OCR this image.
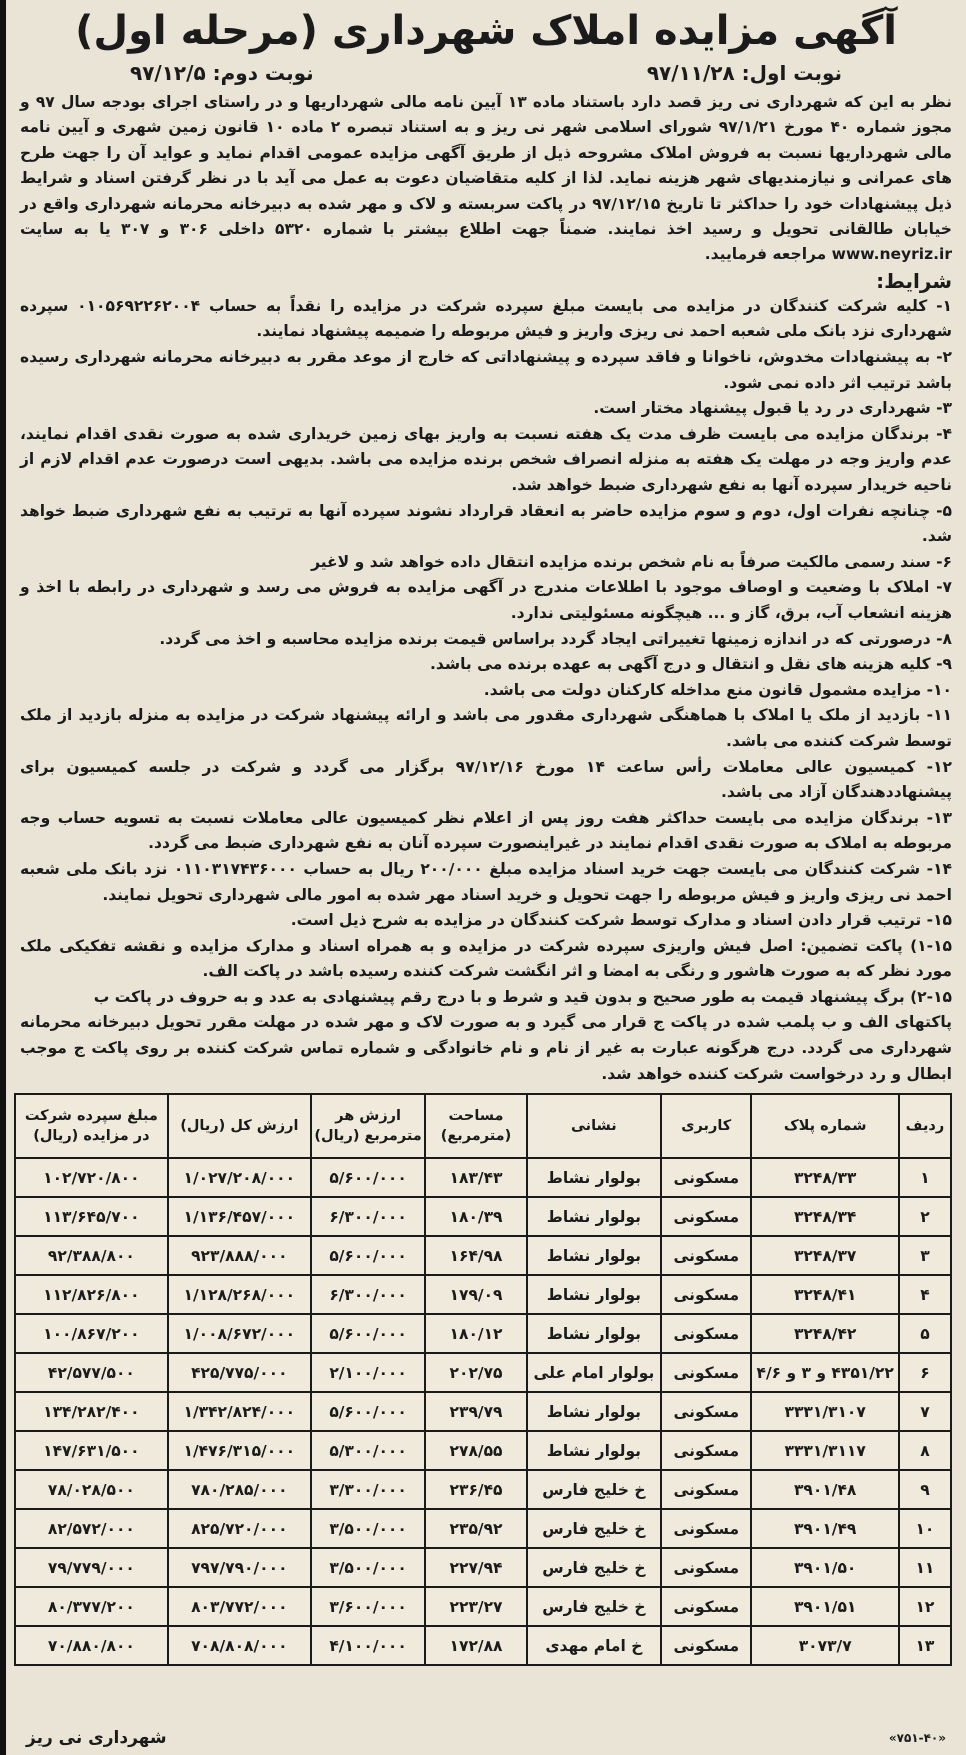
آگهی مزایده املاک شهرداری (مرحله اول)
نوبت اول: ۹۷/۱۱/۲۸
نوبت دوم: ۹۷/۱۲/۵

نظر به این که شهرداری نی ریز قصد دارد باستناد ماده ۱۳ آیین نامه مالی شهرداریها و در راستای اجرای بودجه سال ۹۷ و مجوز شماره ۴۰ مورخ ۹۷/۱/۲۱ شورای اسلامی شهر نی ریز و به استناد تبصره ۲ ماده ۱۰ قانون زمین شهری و آیین نامه مالی شهرداریها نسبت به فروش املاک مشروحه ذیل از طریق آگهی مزایده عمومی اقدام نماید و عواید آن را جهت طرح های عمرانی و نیازمندیهای شهر هزینه نماید. لذا از کلیه متقاضیان دعوت به عمل می آید با در نظر گرفتن اسناد و شرایط ذیل پیشنهادات خود را حداکثر تا تاریخ ۹۷/۱۲/۱۵ در پاکت سربسته و لاک و مهر شده به دبیرخانه محرمانه شهرداری واقع در خیابان طالقانی تحویل و رسید اخذ نمایند. ضمناً جهت اطلاع بیشتر با شماره ۵۳۲۰ داخلی ۳۰۶ و ۳۰۷ یا به سایت www.neyriz.ir مراجعه فرمایید.

شرایط:
۱- کلیه شرکت کنندگان در مزایده می بایست مبلغ سپرده شرکت در مزایده را نقداً به حساب ۰۱۰۵۶۹۲۲۶۲۰۰۴ سپرده شهرداری نزد بانک ملی شعبه احمد نی ریزی واریز و فیش مربوطه را ضمیمه پیشنهاد نمایند.
۲- به پیشنهادات مخدوش، ناخوانا و فاقد سپرده و پیشنهاداتی که خارج از موعد مقرر به دبیرخانه محرمانه شهرداری رسیده باشد ترتیب اثر داده نمی شود.
۳- شهرداری در رد یا قبول پیشنهاد مختار است.
۴- برندگان مزایده می بایست ظرف مدت یک هفته نسبت به واریز بهای زمین خریداری شده به صورت نقدی اقدام نمایند، عدم واریز وجه در مهلت یک هفته به منزله انصراف شخص برنده مزایده می باشد. بدیهی است درصورت عدم اقدام لازم از ناحیه خریدار سپرده آنها به نفع شهرداری ضبط خواهد شد.
۵- چنانچه نفرات اول، دوم و سوم مزایده حاضر به انعقاد قرارداد نشوند سپرده آنها به ترتیب به نفع شهرداری ضبط خواهد شد.
۶- سند رسمی مالکیت صرفاً به نام شخص برنده مزایده انتقال داده خواهد شد و لاغیر
۷- املاک با وضعیت و اوصاف موجود با اطلاعات مندرج در آگهی مزایده به فروش می رسد و شهرداری در رابطه با اخذ و هزینه انشعاب آب، برق، گاز و ... هیچگونه مسئولیتی ندارد.
۸- درصورتی که در اندازه زمینها تغییراتی ایجاد گردد براساس قیمت برنده مزایده محاسبه و اخذ می گردد.
۹- کلیه هزینه های نقل و انتقال و درج آگهی به عهده برنده می باشد.
۱۰- مزایده مشمول قانون منع مداخله کارکنان دولت می باشد.
۱۱- بازدید از ملک یا املاک با هماهنگی شهرداری مقدور می باشد و ارائه پیشنهاد شرکت در مزایده به منزله بازدید از ملک توسط شرکت کننده می باشد.
۱۲- کمیسیون عالی معاملات رأس ساعت ۱۴ مورخ ۹۷/۱۲/۱۶ برگزار می گردد و شرکت در جلسه کمیسیون برای پیشنهاددهندگان آزاد می باشد.
۱۳- برندگان مزایده می بایست حداکثر هفت روز پس از اعلام نظر کمیسیون عالی معاملات نسبت به تسویه حساب وجه مربوطه به املاک به صورت نقدی اقدام نمایند در غیراینصورت سپرده آنان به نفع شهرداری ضبط می گردد.
۱۴- شرکت کنندگان می بایست جهت خرید اسناد مزایده مبلغ ۲۰۰/۰۰۰ ریال به حساب ۰۱۱۰۳۱۷۴۳۶۰۰۰ نزد بانک ملی شعبه احمد نی ریزی واریز و فیش مربوطه را جهت تحویل و خرید اسناد مهر شده به امور مالی شهرداری تحویل نمایند.
۱۵- ترتیب قرار دادن اسناد و مدارک توسط شرکت کنندگان در مزایده به شرح ذیل است.
۱-۱۵) پاکت تضمین: اصل فیش واریزی سپرده شرکت در مزایده و به همراه اسناد و مدارک مزایده و نقشه تفکیکی ملک مورد نظر که به صورت هاشور و رنگی به امضا و اثر انگشت شرکت کننده رسیده باشد در پاکت الف.
۲-۱۵) برگ پیشنهاد قیمت به طور صحیح و بدون قید و شرط و با درج رقم پیشنهادی به عدد و به حروف در پاکت ب
پاکتهای الف و ب پلمب شده در پاکت ج قرار می گیرد و به صورت لاک و مهر شده در مهلت مقرر تحویل دبیرخانه محرمانه شهرداری می گردد. درج هرگونه عبارت به غیر از نام و نام خانوادگی و شماره تماس شرکت کننده بر روی پاکت ج موجب ابطال و رد درخواست شرکت کننده خواهد شد.
ردیف	شماره پلاک	کاربری	نشانی	مساحت (مترمربع)	ارزش هر مترمربع (ریال)	ارزش کل (ریال)	مبلغ سپرده شرکت در مزایده (ریال)
۱	۳۲۴۸/۳۳	مسکونی	بولوار نشاط	۱۸۳/۴۳	۵/۶۰۰/۰۰۰	۱/۰۲۷/۲۰۸/۰۰۰	۱۰۲/۷۲۰/۸۰۰
۲	۳۲۴۸/۳۴	مسکونی	بولوار نشاط	۱۸۰/۳۹	۶/۳۰۰/۰۰۰	۱/۱۳۶/۴۵۷/۰۰۰	۱۱۳/۶۴۵/۷۰۰
۳	۳۲۴۸/۳۷	مسکونی	بولوار نشاط	۱۶۴/۹۸	۵/۶۰۰/۰۰۰	۹۲۳/۸۸۸/۰۰۰	۹۲/۳۸۸/۸۰۰
۴	۳۲۴۸/۴۱	مسکونی	بولوار نشاط	۱۷۹/۰۹	۶/۳۰۰/۰۰۰	۱/۱۲۸/۲۶۸/۰۰۰	۱۱۲/۸۲۶/۸۰۰
۵	۳۲۴۸/۴۲	مسکونی	بولوار نشاط	۱۸۰/۱۲	۵/۶۰۰/۰۰۰	۱/۰۰۸/۶۷۲/۰۰۰	۱۰۰/۸۶۷/۲۰۰
۶	۴۳۵۱/۲۲ و ۳ و ۴/۶	مسکونی	بولوار امام علی	۲۰۲/۷۵	۲/۱۰۰/۰۰۰	۴۲۵/۷۷۵/۰۰۰	۴۲/۵۷۷/۵۰۰
۷	۳۳۳۱/۳۱۰۷	مسکونی	بولوار نشاط	۲۳۹/۷۹	۵/۶۰۰/۰۰۰	۱/۳۴۲/۸۲۴/۰۰۰	۱۳۴/۲۸۲/۴۰۰
۸	۳۳۳۱/۳۱۱۷	مسکونی	بولوار نشاط	۲۷۸/۵۵	۵/۳۰۰/۰۰۰	۱/۴۷۶/۳۱۵/۰۰۰	۱۴۷/۶۳۱/۵۰۰
۹	۳۹۰۱/۴۸	مسکونی	خ خلیج فارس	۲۳۶/۴۵	۳/۳۰۰/۰۰۰	۷۸۰/۲۸۵/۰۰۰	۷۸/۰۲۸/۵۰۰
۱۰	۳۹۰۱/۴۹	مسکونی	خ خلیج فارس	۲۳۵/۹۲	۳/۵۰۰/۰۰۰	۸۲۵/۷۲۰/۰۰۰	۸۲/۵۷۲/۰۰۰
۱۱	۳۹۰۱/۵۰	مسکونی	خ خلیج فارس	۲۲۷/۹۴	۳/۵۰۰/۰۰۰	۷۹۷/۷۹۰/۰۰۰	۷۹/۷۷۹/۰۰۰
۱۲	۳۹۰۱/۵۱	مسکونی	خ خلیج فارس	۲۲۳/۲۷	۳/۶۰۰/۰۰۰	۸۰۳/۷۷۲/۰۰۰	۸۰/۳۷۷/۲۰۰
۱۳	۳۰۷۳/۷	مسکونی	خ امام مهدی	۱۷۲/۸۸	۴/۱۰۰/۰۰۰	۷۰۸/۸۰۸/۰۰۰	۷۰/۸۸۰/۸۰۰
«۷۵۱-۴۰»
شهرداری نی ریز
